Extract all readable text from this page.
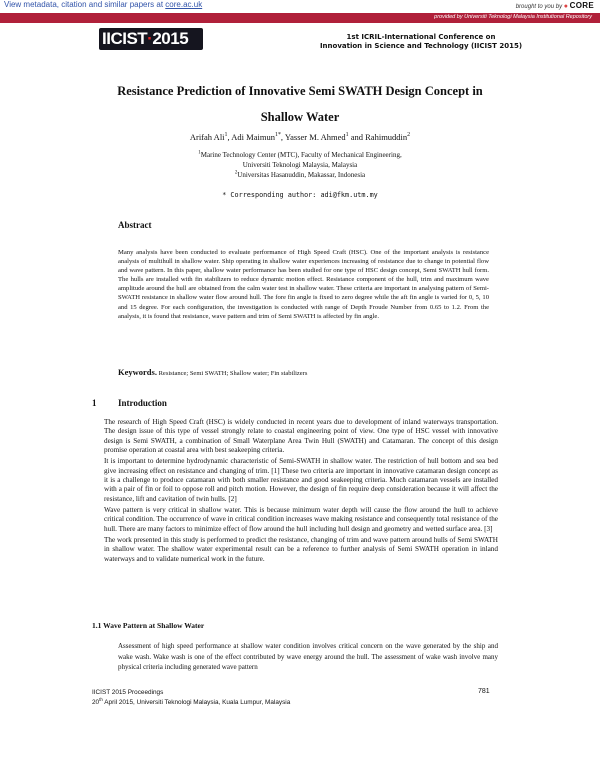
View metadata, citation and similar papers at core.ac.uk	brought to you by ● CORE
provided by Universiti Teknologi Malaysia Institutional Repository
IICIST·2015	1st ICRIL-International Conference on
Innovation in Science and Technology (IICIST 2015)
Resistance Prediction of Innovative Semi SWATH Design Concept in
Shallow Water
Arifah Ali$^1$, Adi Maimun$^{1*}$, Yasser M. Ahmed$^1$ and Rahimuddin$^2$
$^1$Marine Technology Center (MTC), Faculty of Mechanical Engineering,
Universiti Teknologi Malaysia, Malaysia
$^2$Universitas Hasanuddin, Makassar, Indonesia
* Corresponding author: adi@fkm.utm.my
Abstract
Many analysis have been conducted to evaluate performance of High Speed Craft (HSC). One of the important analysis is resistance analysis of multihull in shallow water. Ship operating in shallow water experiences increasing of resistance due to change in potential flow and wave pattern. In this paper, shallow water performance has been studied for one type of HSC design concept, Semi SWATH hull form. The hulls are installed with fin stabilizers to reduce dynamic motion effect. Resistance component of the hull, trim and maximum wave amplitude around the hull are obtained from the calm water test in shallow water. These criteria are important in analysing pattern of Semi-SWATH resistance in shallow water flow around hull. The fore fin angle is fixed to zero degree while the aft fin angle is varied for 0, 5, 10 and 15 degree. For each configuration, the investigation is conducted with range of Depth Froude Number from 0.65 to 1.2. From the analysis, it is found that resistance, wave pattern and trim of Semi SWATH is affected by fin angle.
Keywords. Resistance; Semi SWATH; Shallow water; Fin stabilizers
1 Introduction

The research of High Speed Craft (HSC) is widely conducted in recent years due to development of inland waterways transportation. The design issue of this type of vessel strongly relate to coastal engineering point of view. One type of HSC vessel with innovative design is Semi SWATH, a combination of Small Waterplane Area Twin Hull (SWATH) and Catamaran. The concept of this design promise operation at coastal area with best seakeeping criteria.

It is important to determine hydrodynamic characteristic of Semi-SWATH in shallow water. The restriction of hull bottom and sea bed give increasing effect on resistance and changing of trim. [1] These two criteria are important in innovative catamaran design concept as it is a challenge to produce catamaran with both smaller resistance and good seakeeping criteria. Much catamaran vessels are installed with a pair of fin or foil to oppose roll and pitch motion. However, the design of fin require deep consideration because it will affect the resistance, lift and cavitation of twin hulls. [2]

Wave pattern is very critical in shallow water. This is because minimum water depth will cause the flow around the hull to achieve critical condition. The occurrence of wave in critical condition increases wave making resistance and consequently total resistance of the hull. There are many factors to minimize effect of flow around the hull including hull design and geometry and wetted surface area. [3]

The work presented in this study is performed to predict the resistance, changing of trim and wave pattern around hulls of Semi SWATH in shallow water. The shallow water experimental result can be a reference to further analysis of Semi SWATH operation in inland waterways and to validate numerical work in the future.

1.1 Wave Pattern at Shallow Water
Assessment of high speed performance at shallow water condition involves critical concern on the wave generated by the ship and wake wash. Wake wash is one of the effect contributed by wave energy around the hull. The assessment of wake wash involve many physical criteria including generated wave pattern
IICIST 2015 Proceedings
20th April 2015, Universiti Teknologi Malaysia, Kuala Lumpur, Malaysia
781
